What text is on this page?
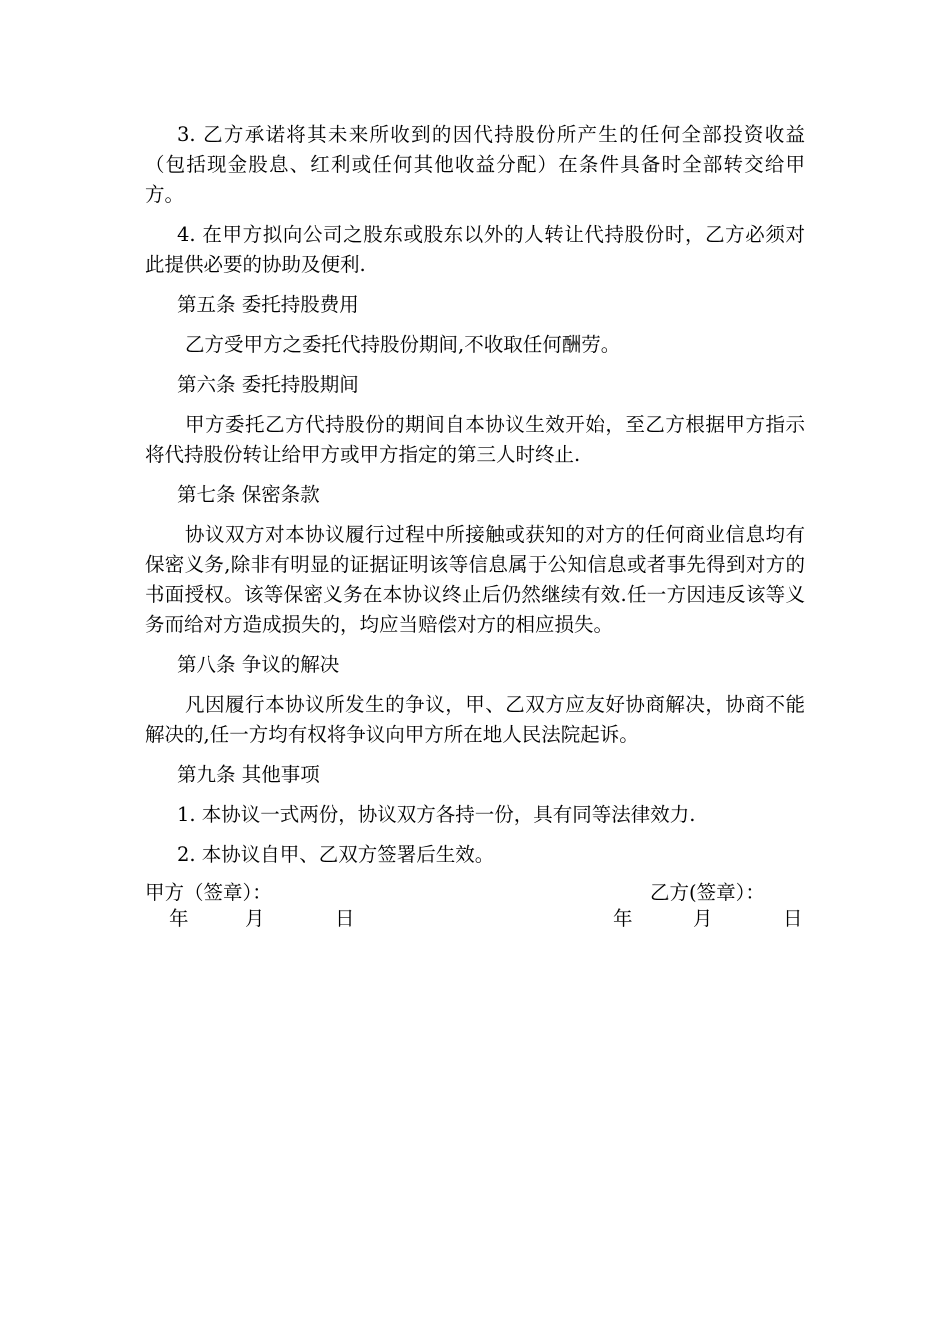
3. 乙方承诺将其未来所收到的因代持股份所产生的任何全部投资收益（包括现金股息、红利或任何其他收益分配）在条件具备时全部转交给甲方。

4. 在甲方拟向公司之股东或股东以外的人转让代持股份时，乙方必须对此提供必要的协助及便利.

第五条 委托持股费用

乙方受甲方之委托代持股份期间,不收取任何酬劳。

第六条 委托持股期间

甲方委托乙方代持股份的期间自本协议生效开始，至乙方根据甲方指示将代持股份转让给甲方或甲方指定的第三人时终止.

第七条 保密条款

协议双方对本协议履行过程中所接触或获知的对方的任何商业信息均有保密义务,除非有明显的证据证明该等信息属于公知信息或者事先得到对方的书面授权。该等保密义务在本协议终止后仍然继续有效.任一方因违反该等义务而给对方造成损失的，均应当赔偿对方的相应损失。

第八条 争议的解决

凡因履行本协议所发生的争议，甲、乙双方应友好协商解决，协商不能解决的,任一方均有权将争议向甲方所在地人民法院起诉。

第九条 其他事项

1. 本协议一式两份，协议双方各持一份，具有同等法律效力.

2. 本协议自甲、乙双方签署后生效。

甲方（签章）：	乙方(签章）：
年	月	日	年	月	日
